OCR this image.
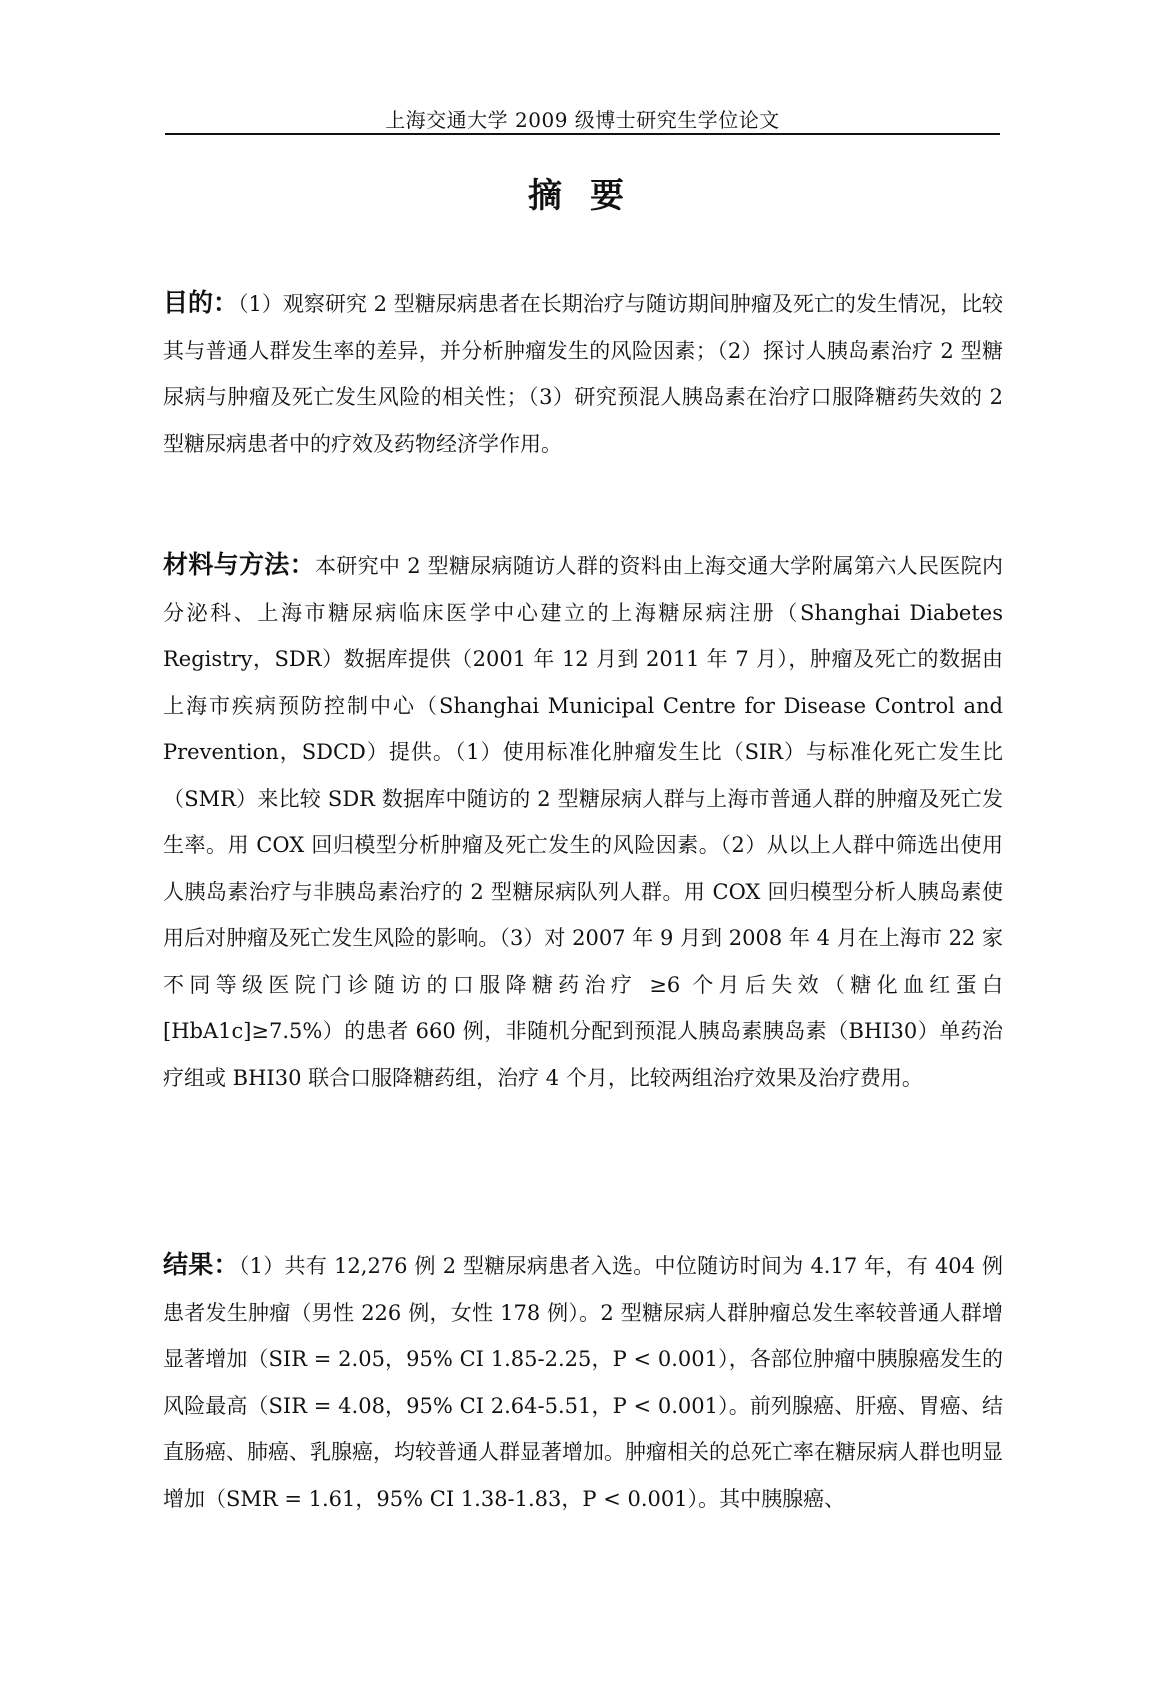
上海交通大学 2009 级博士研究生学位论文
摘要
目的：（1）观察研究 2 型糖尿病患者在长期治疗与随访期间肿瘤及死亡的发生情况，比较其与普通人群发生率的差异，并分析肿瘤发生的风险因素；（2）探讨人胰岛素治疗 2 型糖尿病与肿瘤及死亡发生风险的相关性；（3）研究预混人胰岛素在治疗口服降糖药失效的 2 型糖尿病患者中的疗效及药物经济学作用。
材料与方法：本研究中 2 型糖尿病随访人群的资料由上海交通大学附属第六人民医院内分泌科、上海市糖尿病临床医学中心建立的上海糖尿病注册（Shanghai Diabetes Registry，SDR）数据库提供（2001 年 12 月到 2011 年 7 月），肿瘤及死亡的数据由上海市疾病预防控制中心（Shanghai Municipal Centre for Disease Control and Prevention，SDCD）提供。（1）使用标准化肿瘤发生比（SIR）与标准化死亡发生比（SMR）来比较 SDR 数据库中随访的 2 型糖尿病人群与上海市普通人群的肿瘤及死亡发生率。用 COX 回归模型分析肿瘤及死亡发生的风险因素。（2）从以上人群中筛选出使用人胰岛素治疗与非胰岛素治疗的 2 型糖尿病队列人群。用 COX 回归模型分析人胰岛素使用后对肿瘤及死亡发生风险的影响。（3）对 2007 年 9 月到 2008 年 4 月在上海市 22 家不同等级医院门诊随访的口服降糖药治疗 ≥6 个月后失效（糖化血红蛋白[HbA1c]≥7.5%）的患者 660 例，非随机分配到预混人胰岛素胰岛素（BHI30）单药治疗组或 BHI30 联合口服降糖药组，治疗 4 个月，比较两组治疗效果及治疗费用。
结果：（1）共有 12,276 例 2 型糖尿病患者入选。中位随访时间为 4.17 年，有 404 例患者发生肿瘤（男性 226 例，女性 178 例）。2 型糖尿病人群肿瘤总发生率较普通人群增显著增加（SIR = 2.05，95% CI 1.85-2.25，P < 0.001），各部位肿瘤中胰腺癌发生的风险最高（SIR = 4.08，95% CI 2.64-5.51，P < 0.001）。前列腺癌、肝癌、胃癌、结直肠癌、肺癌、乳腺癌，均较普通人群显著增加。肿瘤相关的总死亡率在糖尿病人群也明显增加（SMR = 1.61，95% CI 1.38-1.83，P < 0.001）。其中胰腺癌、
